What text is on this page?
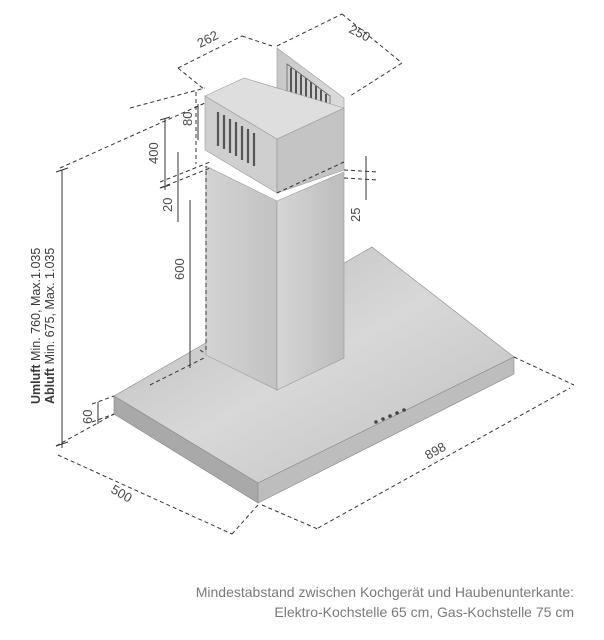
262	250
80
400
20
25
600
60
500
898
Umluft Min. 760, Max.1.035
Abluft Min. 675, Max. 1.035
Mindestabstand zwischen Kochgerät und Haubenunterkante:
Elektro-Kochstelle 65 cm, Gas-Kochstelle 75 cm
